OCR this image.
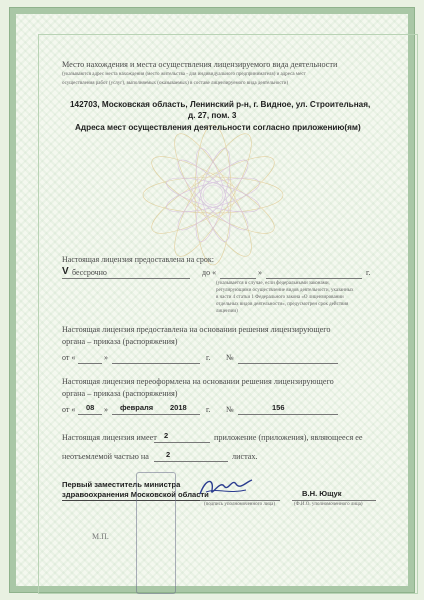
Место нахождения и места осуществления лицензируемого вида деятельности
(указываются адрес места нахождения (место жительства - для индивидуального предпринимателя) и адреса мест
осуществления работ (услуг), выполняемых (оказываемых) в составе лицензируемого вида деятельности)
142703, Московская область, Ленинский р-н, г. Видное, ул. Строительная,
д. 27, пом. 3
Адреса мест осуществления деятельности согласно приложению(ям)
Настоящая лицензия предоставлена на срок:
V бессрочно	до «	»	г.
(указывается в случае, если федеральными законами,
регулирующими осуществление видов деятельности, указанных
в части 4 статьи 1 Федерального закона «О лицензировании
отдельных видов деятельности», предусмотрен срок действия
лицензии)
Настоящая лицензия предоставлена на основании решения лицензирующего
органа – приказа (распоряжения)
от «	»	г. №
Настоящая лицензия переоформлена на основании решения лицензирующего
органа – приказа (распоряжения)
от « 08 » февраля 2018 г. №	156
Настоящая лицензия имеет 2	приложение (приложения), являющееся ее
неотъемлемой частью на 2	листах.
Первый заместитель министра
здравоохранения Московской области
(подпись уполномоченного лица)
В.Н. Ющук
(Ф.И.О. уполномоченного лица)
М.П.
